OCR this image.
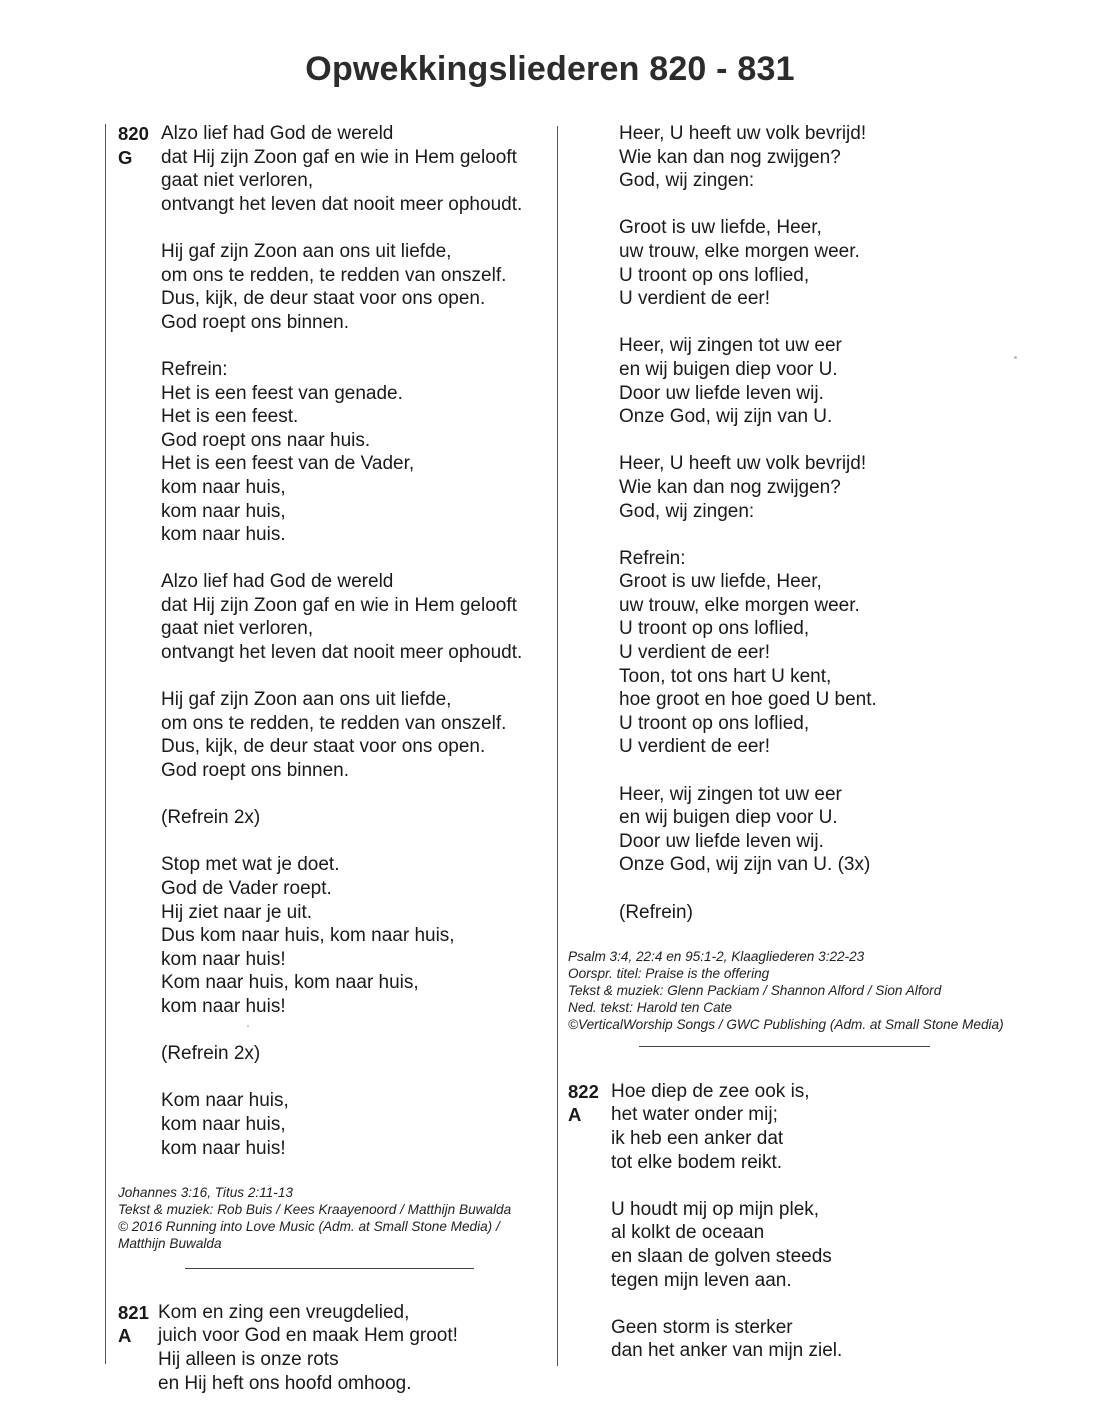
Opwekkingsliederen 820 - 831
820
G
Alzo lief had God de wereld
dat Hij zijn Zoon gaf en wie in Hem gelooft
gaat niet verloren,
ontvangt het leven dat nooit meer ophoudt.
Hij gaf zijn Zoon aan ons uit liefde,
om ons te redden, te redden van onszelf.
Dus, kijk, de deur staat voor ons open.
God roept ons binnen.
Refrein:
Het is een feest van genade.
Het is een feest.
God roept ons naar huis.
Het is een feest van de Vader,
kom naar huis,
kom naar huis,
kom naar huis.
Alzo lief had God de wereld
dat Hij zijn Zoon gaf en wie in Hem gelooft
gaat niet verloren,
ontvangt het leven dat nooit meer ophoudt.
Hij gaf zijn Zoon aan ons uit liefde,
om ons te redden, te redden van onszelf.
Dus, kijk, de deur staat voor ons open.
God roept ons binnen.
(Refrein 2x)
Stop met wat je doet.
God de Vader roept.
Hij ziet naar je uit.
Dus kom naar huis, kom naar huis,
kom naar huis!
Kom naar huis, kom naar huis,
kom naar huis!
(Refrein 2x)
Kom naar huis,
kom naar huis,
kom naar huis!
Johannes 3:16, Titus 2:11-13
Tekst & muziek: Rob Buis / Kees Kraayenoord / Matthijn Buwalda
© 2016 Running into Love Music (Adm. at Small Stone Media) /
Matthijn Buwalda
821
A
Kom en zing een vreugdelied,
juich voor God en maak Hem groot!
Hij alleen is onze rots
en Hij heft ons hoofd omhoog.
Heer, U heeft uw volk bevrijd!
Wie kan dan nog zwijgen?
God, wij zingen:
Groot is uw liefde, Heer,
uw trouw, elke morgen weer.
U troont op ons loflied,
U verdient de eer!
Heer, wij zingen tot uw eer
en wij buigen diep voor U.
Door uw liefde leven wij.
Onze God, wij zijn van U.
Heer, U heeft uw volk bevrijd!
Wie kan dan nog zwijgen?
God, wij zingen:
Refrein:
Groot is uw liefde, Heer,
uw trouw, elke morgen weer.
U troont op ons loflied,
U verdient de eer!
Toon, tot ons hart U kent,
hoe groot en hoe goed U bent.
U troont op ons loflied,
U verdient de eer!
Heer, wij zingen tot uw eer
en wij buigen diep voor U.
Door uw liefde leven wij.
Onze God, wij zijn van U. (3x)
(Refrein)
Psalm 3:4, 22:4 en 95:1-2, Klaagliederen 3:22-23
Oorspr. titel: Praise is the offering
Tekst & muziek: Glenn Packiam / Shannon Alford / Sion Alford
Ned. tekst: Harold ten Cate
©VerticalWorship Songs / GWC Publishing (Adm. at Small Stone Media)
822
A
Hoe diep de zee ook is,
het water onder mij;
ik heb een anker dat
tot elke bodem reikt.
U houdt mij op mijn plek,
al kolkt de oceaan
en slaan de golven steeds
tegen mijn leven aan.
Geen storm is sterker
dan het anker van mijn ziel.
